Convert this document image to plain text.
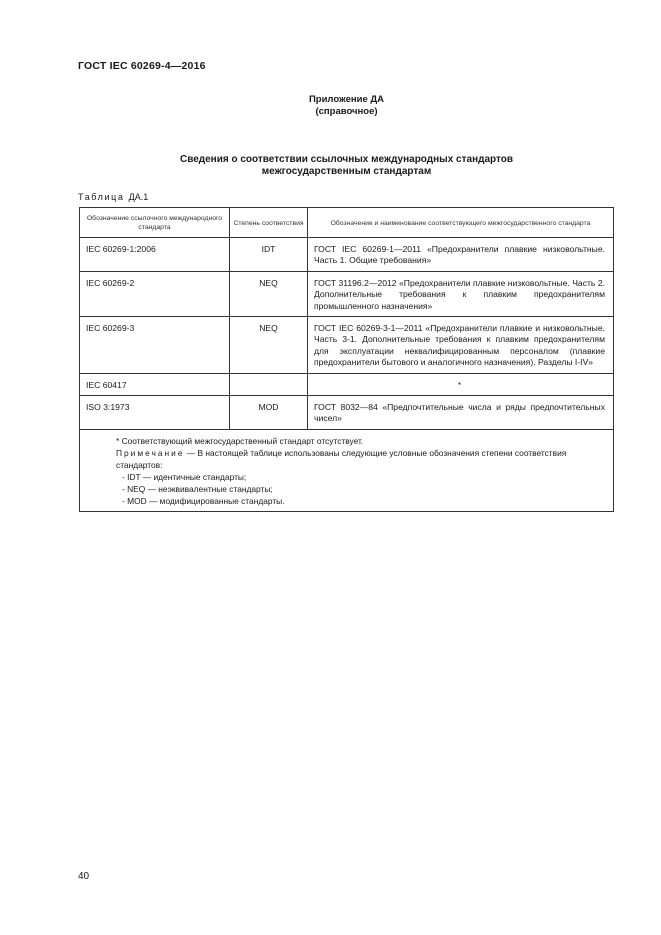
ГОСТ IEC 60269-4—2016
Приложение ДА
(справочное)
Сведения о соответствии ссылочных международных стандартов
межгосударственным стандартам
Таблица ДА.1
Обозначение ссылочного международного стандарта	Степень соответствия	Обозначение и наименование соответствующего межгосударственного стандарта
IEC 60269-1:2006	IDT	ГОСТ IEC 60269-1—2011 «Предохранители плавкие низковольтные. Часть 1. Общие требования»
IEC 60269-2	NEQ	ГОСТ 31196.2—2012 «Предохранители плавкие низковольтные. Часть 2. Дополнительные требования к плавким предохранителям промышленного назначения»
IEC 60269-3	NEQ	ГОСТ IEC 60269-3-1—2011 «Предохранители плавкие и низковольтные. Часть 3-1. Дополнительные требования к плавким предохранителям для эксплуатации неквалифицированным персоналом (плавкие предохранители бытового и аналогичного назначения). Разделы I-IV»
IEC 60417		*
ISO 3:1973	MOD	ГОСТ 8032—84 «Предпочтительные числа и ряды предпочтительных чисел»

* Соответствующий межгосударственный стандарт отсутствует.

Примечание — В настоящей таблице использованы следующие условные обозначения степени соответствия стандартов:

- IDT — идентичные стандарты;

- NEQ — неэквивалентные стандарты;

- MOD — модифицированные стандарты.		

40
